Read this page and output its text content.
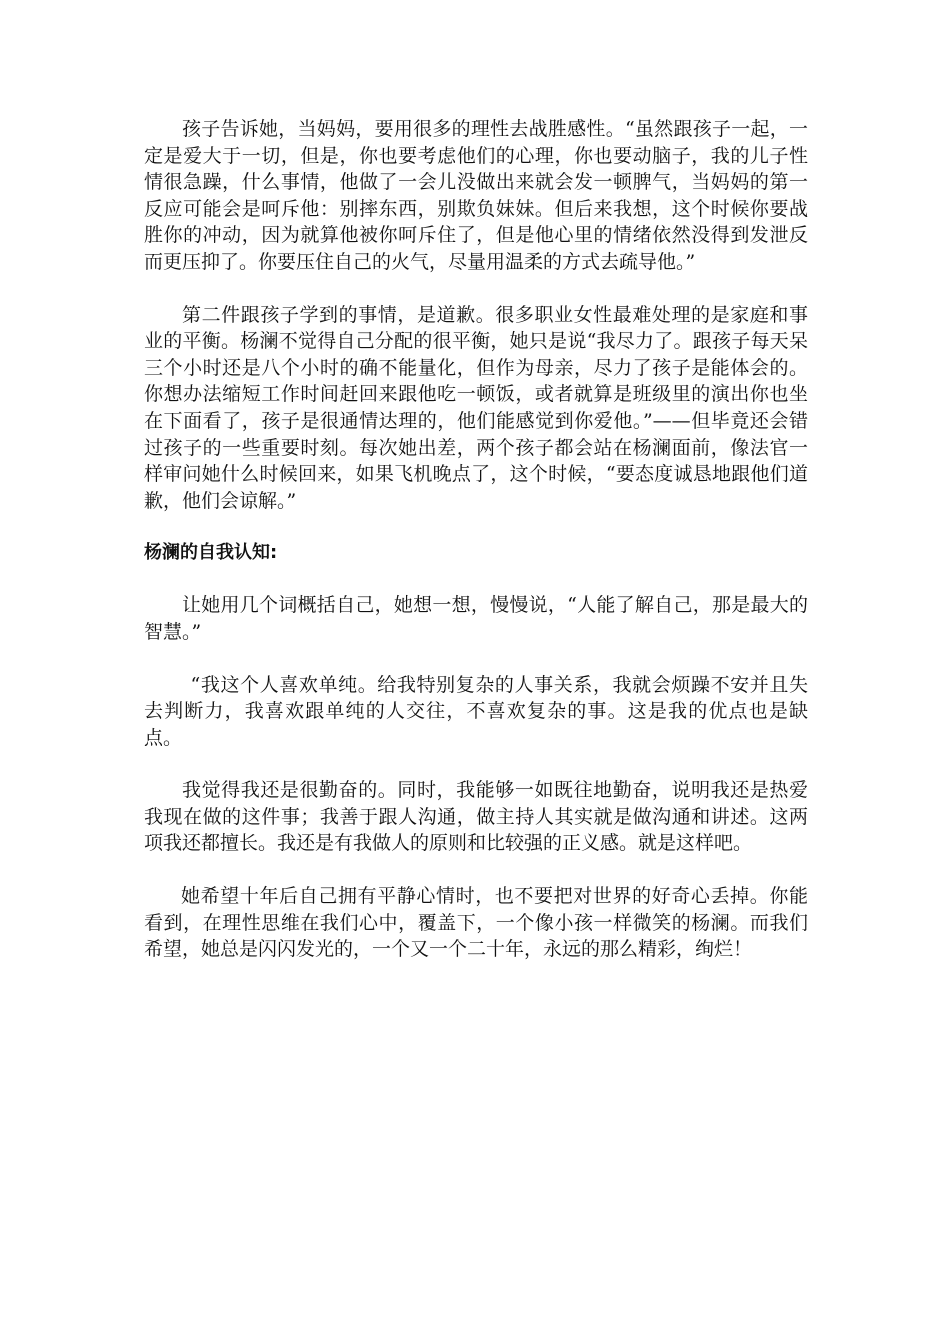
孩子告诉她，当妈妈，要用很多的理性去战胜感性。“虽然跟孩子一起，一定是爱大于一切，但是，你也要考虑他们的心理，你也要动脑子，我的儿子性情很急躁，什么事情，他做了一会儿没做出来就会发一顿脾气，当妈妈的第一反应可能会是呵斥他：别摔东西，别欺负妹妹。但后来我想，这个时候你要战胜你的冲动，因为就算他被你呵斥住了，但是他心里的情绪依然没得到发泄反而更压抑了。你要压住自己的火气，尽量用温柔的方式去疏导他。”

第二件跟孩子学到的事情，是道歉。很多职业女性最难处理的是家庭和事业的平衡。杨澜不觉得自己分配的很平衡，她只是说“我尽力了。跟孩子每天呆三个小时还是八个小时的确不能量化，但作为母亲，尽力了孩子是能体会的。你想办法缩短工作时间赶回来跟他吃一顿饭，或者就算是班级里的演出你也坐在下面看了，孩子是很通情达理的，他们能感觉到你爱他。”——但毕竟还会错过孩子的一些重要时刻。每次她出差，两个孩子都会站在杨澜面前，像法官一样审问她什么时候回来，如果飞机晚点了，这个时候，“要态度诚恳地跟他们道歉，他们会谅解。”

杨澜的自我认知:

让她用几个词概括自己，她想一想，慢慢说，“人能了解自己，那是最大的智慧。”

“我这个人喜欢单纯。给我特别复杂的人事关系，我就会烦躁不安并且失去判断力，我喜欢跟单纯的人交往，不喜欢复杂的事。这是我的优点也是缺点。

我觉得我还是很勤奋的。同时，我能够一如既往地勤奋，说明我还是热爱我现在做的这件事；我善于跟人沟通，做主持人其实就是做沟通和讲述。这两项我还都擅长。我还是有我做人的原则和比较强的正义感。就是这样吧。

她希望十年后自己拥有平静心情时，也不要把对世界的好奇心丢掉。你能看到，在理性思维在我们心中，覆盖下，一个像小孩一样微笑的杨澜。而我们希望，她总是闪闪发光的，一个又一个二十年，永远的那么精彩，绚烂！
